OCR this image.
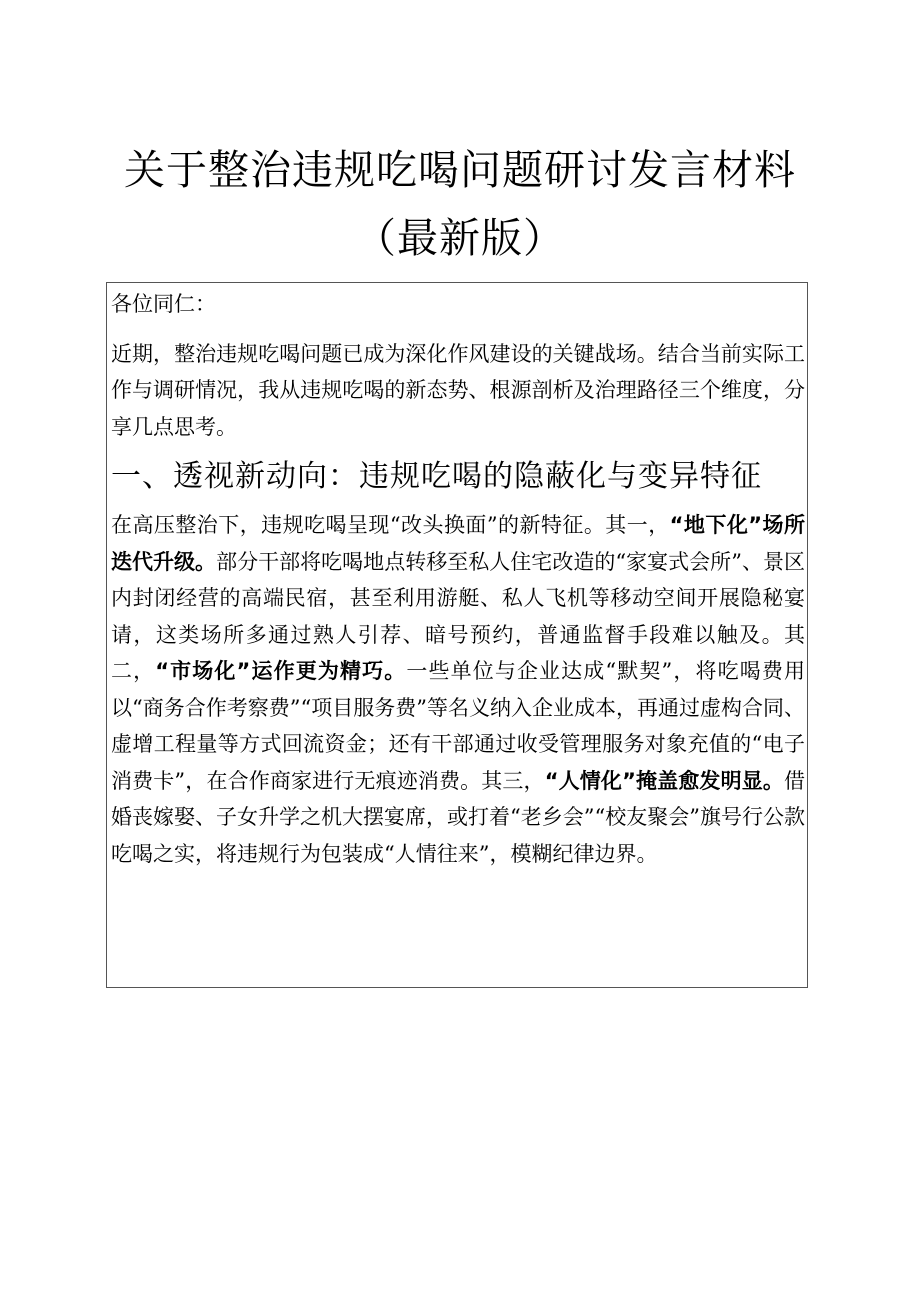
关于整治违规吃喝问题研讨发言材料
（最新版）

各位同仁：

近期，整治违规吃喝问题已成为深化作风建设的关键战场。结合当前实际工作与调研情况，我从违规吃喝的新态势、根源剖析及治理路径三个维度，分享几点思考。

一、透视新动向：违规吃喝的隐蔽化与变异特征

在高压整治下，违规吃喝呈现“改头换面”的新特征。其一，“地下化”场所迭代升级。部分干部将吃喝地点转移至私人住宅改造的“家宴式会所”、景区内封闭经营的高端民宿，甚至利用游艇、私人飞机等移动空间开展隐秘宴请，这类场所多通过熟人引荐、暗号预约，普通监督手段难以触及。其二，“市场化”运作更为精巧。一些单位与企业达成“默契”，将吃喝费用以“商务合作考察费”“项目服务费”等名义纳入企业成本，再通过虚构合同、虚增工程量等方式回流资金；还有干部通过收受管理服务对象充值的“电子消费卡”，在合作商家进行无痕迹消费。其三，“人情化”掩盖愈发明显。借婚丧嫁娶、子女升学之机大摆宴席，或打着“老乡会”“校友聚会”旗号行公款吃喝之实，将违规行为包装成“人情往来”，模糊纪律边界。
